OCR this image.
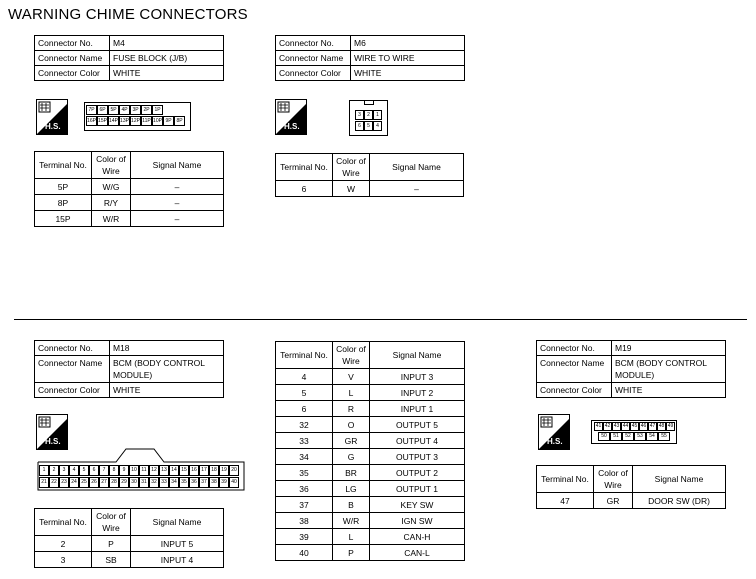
WARNING CHIME CONNECTORS
Connector No.	M4
Connector Name	FUSE BLOCK (J/B)
Connector Color	WHITE
H.S.
7P 6P 5P 4P 3P 2P 1P
16P 15P 14P 13P 12P 11P 10P 9P 8P
Terminal No.	Color of Wire	Signal Name
5P	W/G	–
8P	R/Y	–
15P	W/R	–
Connector No.	M6
Connector Name	WIRE TO WIRE
Connector Color	WHITE
H.S.
3	2	1
6	5	4
Terminal No.	Color of Wire	Signal Name
6	W	–
Connector No.	M18
Connector Name	BCM (BODY CONTROL MODULE)
Connector Color	WHITE
H.S.
1	2	3	4	5	6	7	8	9	10 11 12 13 14 15 16 17 18 19 20
21 22 23 24 25 26 27 28 29 30 31 32 33 34 35 36 37 38 39 40
Terminal No.	Color of Wire	Signal Name
2	P	INPUT 5
3	SB	INPUT 4
Terminal No.	Color of Wire	Signal Name
4	V	INPUT 3
5	L	INPUT 2
6	R	INPUT 1
32	O	OUTPUT 5
33	GR	OUTPUT 4
34	G	OUTPUT 3
35	BR	OUTPUT 2
36	LG	OUTPUT 1
37	B	KEY SW
38	W/R	IGN SW
39	L	CAN-H
40	P	CAN-L
Connector No.	M19
Connector Name	BCM (BODY CONTROL MODULE)
Connector Color	WHITE
H.S.
41 42 43 44 45 46 47 48 49
50	51	52	53	54	55
Terminal No.	Color of Wire	Signal Name
47	GR	DOOR SW (DR)
